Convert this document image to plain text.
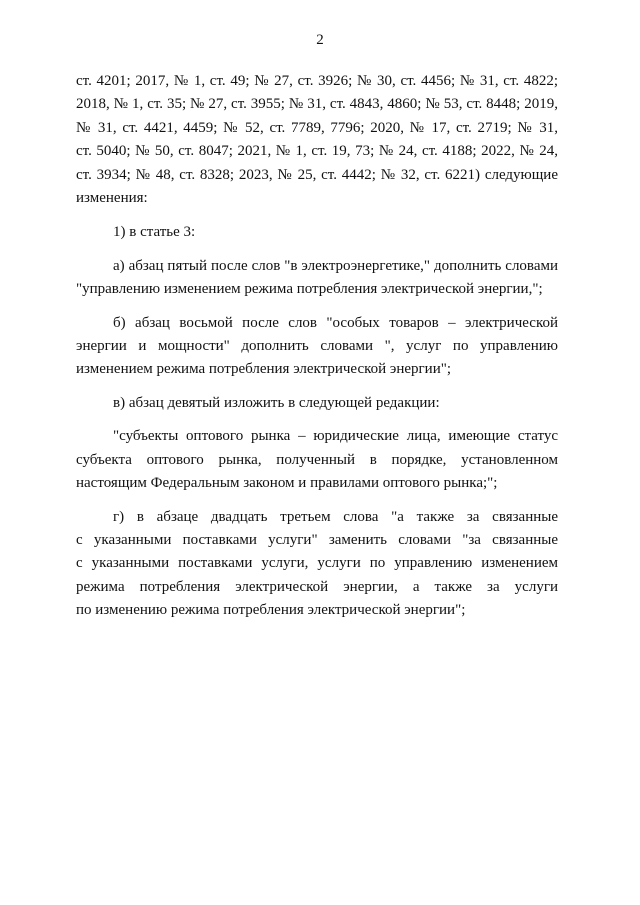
2

ст. 4201; 2017, № 1, ст. 49; № 27, ст. 3926; № 30, ст. 4456; № 31, ст. 4822;

2018, № 1, ст. 35; № 27, ст. 3955; № 31, ст. 4843, 4860; № 53, ст. 8448; 2019,

№ 31, ст. 4421, 4459; № 52, ст. 7789, 7796; 2020, № 17, ст. 2719; № 31,

ст. 5040; № 50, ст. 8047; 2021, № 1, ст. 19, 73; № 24, ст. 4188; 2022, № 24,

ст. 3934; № 48, ст. 8328; 2023, № 25, ст. 4442; № 32, ст. 6221) следующие

изменения:

1) в статье 3:

а) абзац пятый после слов "в электроэнергетике," дополнить словами

"управлению изменением режима потребления электрической энергии,";

б) абзац восьмой после слов "особых товаров – электрической

энергии и мощности" дополнить словами ", услуг по управлению

изменением режима потребления электрической энергии";

в) абзац девятый изложить в следующей редакции:

"субъекты оптового рынка – юридические лица, имеющие статус

субъекта оптового рынка, полученный в порядке, установленном

настоящим Федеральным законом и правилами оптового рынка;";

г) в абзаце двадцать третьем слова "а также за связанные

с указанными поставками услуги" заменить словами "за связанные

с указанными поставками услуги, услуги по управлению изменением

режима потребления электрической энергии, а также за услуги

по изменению режима потребления электрической энергии";
